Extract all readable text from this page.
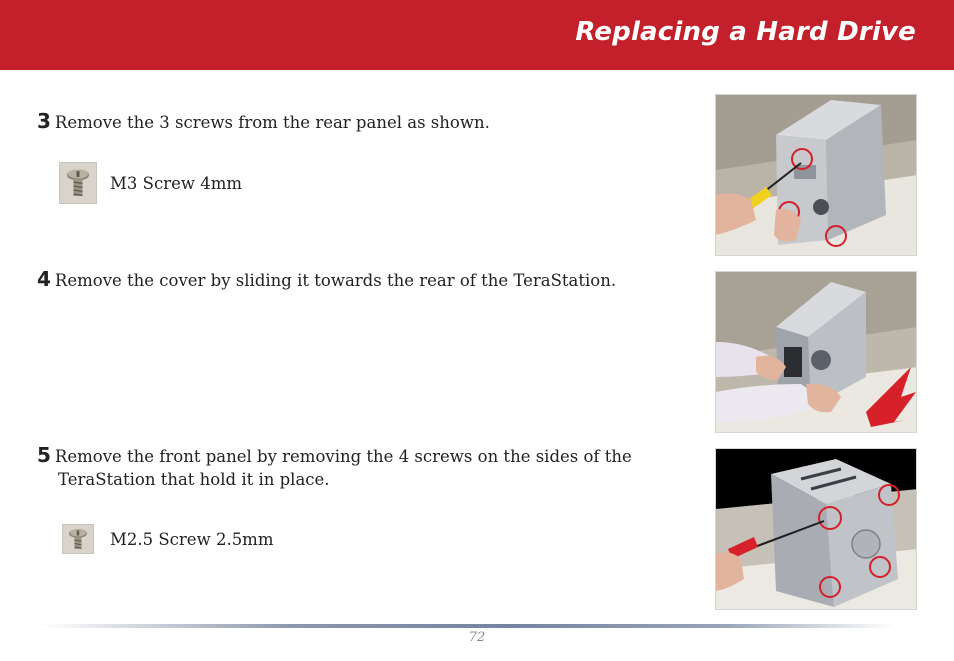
Replacing a Hard Drive
3 Remove the 3 screws from the rear panel as shown.
M3 Screw 4mm
4 Remove the cover by sliding it towards the rear of the TeraStation.
5 Remove the front panel by removing the 4 screws on the sides of the
TeraStation that hold it in place.
M2.5 Screw 2.5mm
72
